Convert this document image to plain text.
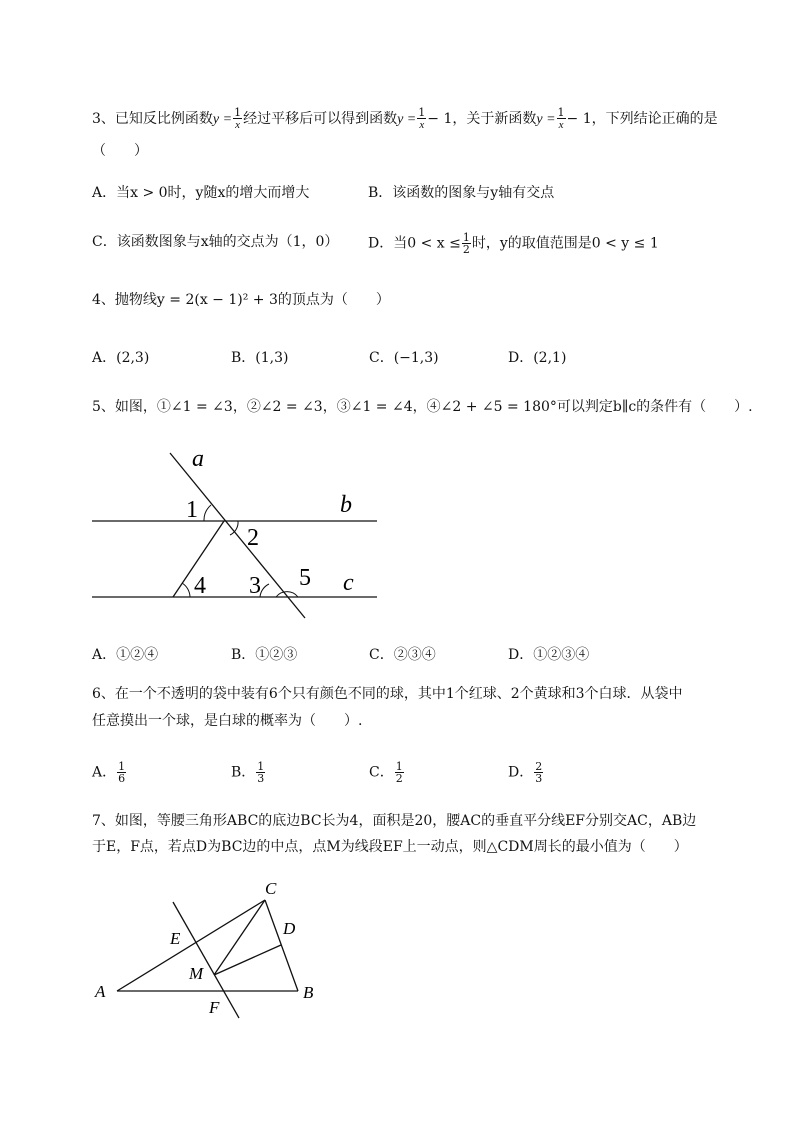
3、已知反比例函数$y = \frac{1}{x}$ 经过平移后可以得到函数$y = \frac{1}{x} - 1$，关于新函数$y = \frac{1}{x} - 1$，下列结论正确的是
（　　）
A．当x > 0时，y随x的增大而增大	B．该函数的图象与y轴有交点
C．该函数图象与x轴的交点为（1，0） D．当$0 < x \le \frac{1}{2}$ 时，y的取值范围是0 < y ≤ 1
4、抛物线y = 2(x − 1)² + 3的顶点为（　　）
A．(2,3)	B．(1,3)	C．(−1,3)	D．(2,1)
5、如图，①∠1 = ∠3，②∠2 = ∠3，③∠1 = ∠4，④∠2 + ∠5 = 180°可以判定b∥c的条件有（　　）.
a
b
c
1
2
3
4	5
A．①②④	B．①②③	C．②③④	D．①②③④
6、在一个不透明的袋中装有6个只有颜色不同的球，其中1个红球、2个黄球和3个白球．从袋中
任意摸出一个球，是白球的概率为（　　）.
A． $\frac{1}{6}$	B． $\frac{1}{3}$	C． $\frac{1}{2}$	D． $\frac{2}{3}$
7、如图，等腰三角形ABC的底边BC长为4，面积是20，腰AC的垂直平分线EF分别交AC，AB边
于E，F点，若点D为BC边的中点，点M为线段EF上一动点，则△CDM周长的最小值为（　　）
A	B
C
D
E
F
M
